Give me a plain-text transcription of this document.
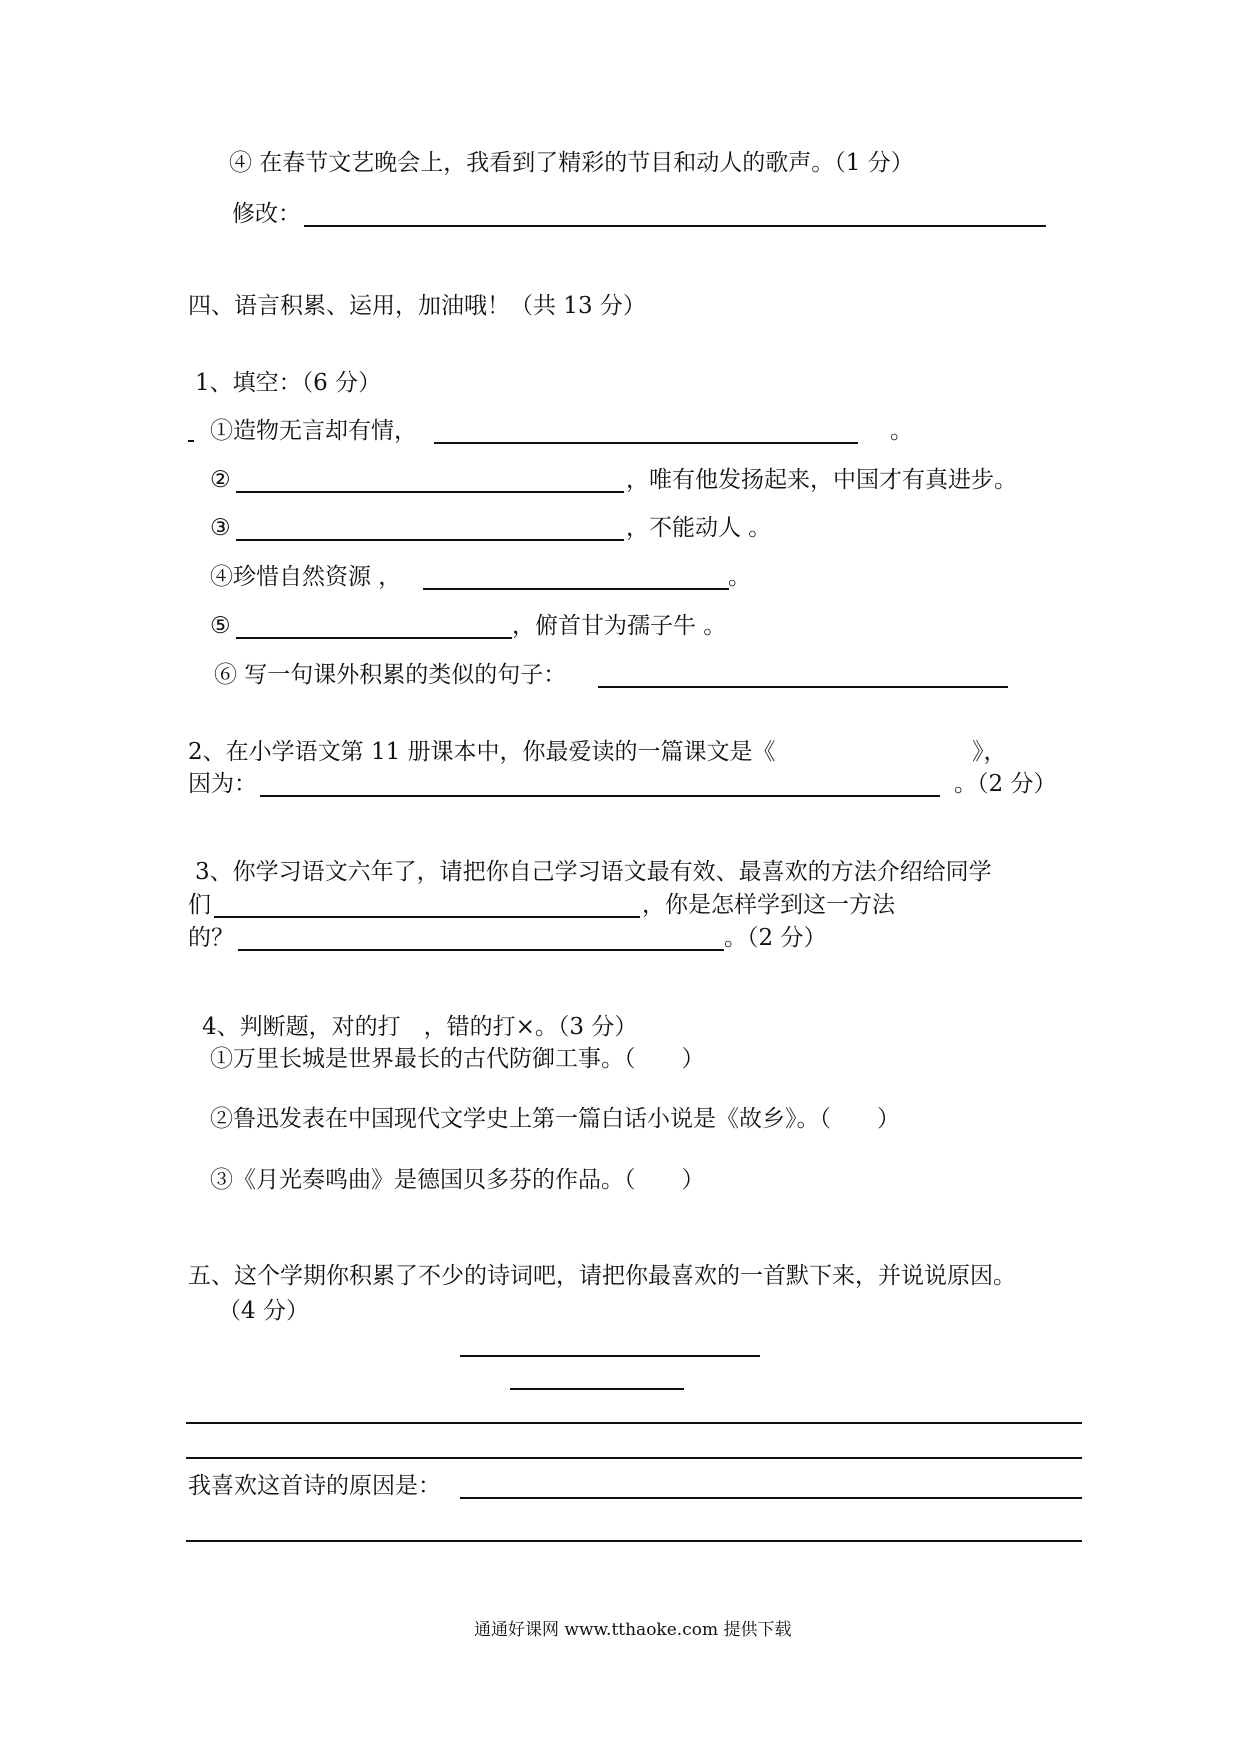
④ 在春节文艺晚会上，我看到了精彩的节目和动人的歌声。（1 分）
修改：
四、语言积累、运用，加油哦！（共 13 分）
1、填空：（6 分）
①造物无言却有情，	。
②	，唯有他发扬起来，中国才有真进步。
③	，不能动人 。
④珍惜自然资源 ，	。
⑤	，俯首甘为孺子牛 。
⑥ 写一句课外积累的类似的句子：
2、在小学语文第 11 册课本中，你最爱读的一篇课文是《	》，
因为：	。（2 分）
3、你学习语文六年了，请把你自己学习语文最有效、最喜欢的方法介绍给同学
们	，你是怎样学到这一方法
的？	。（2 分）
4、判断题，对的打　，错的打×。（3 分）
①万里长城是世界最长的古代防御工事。（　　）
②鲁迅发表在中国现代文学史上第一篇白话小说是《故乡》。（　　）
③《月光奏鸣曲》是德国贝多芬的作品。（　　）
五、这个学期你积累了不少的诗词吧，请把你最喜欢的一首默下来，并说说原因。
（4 分）
我喜欢这首诗的原因是：
通通好课网 www.tthaoke.com 提供下载
